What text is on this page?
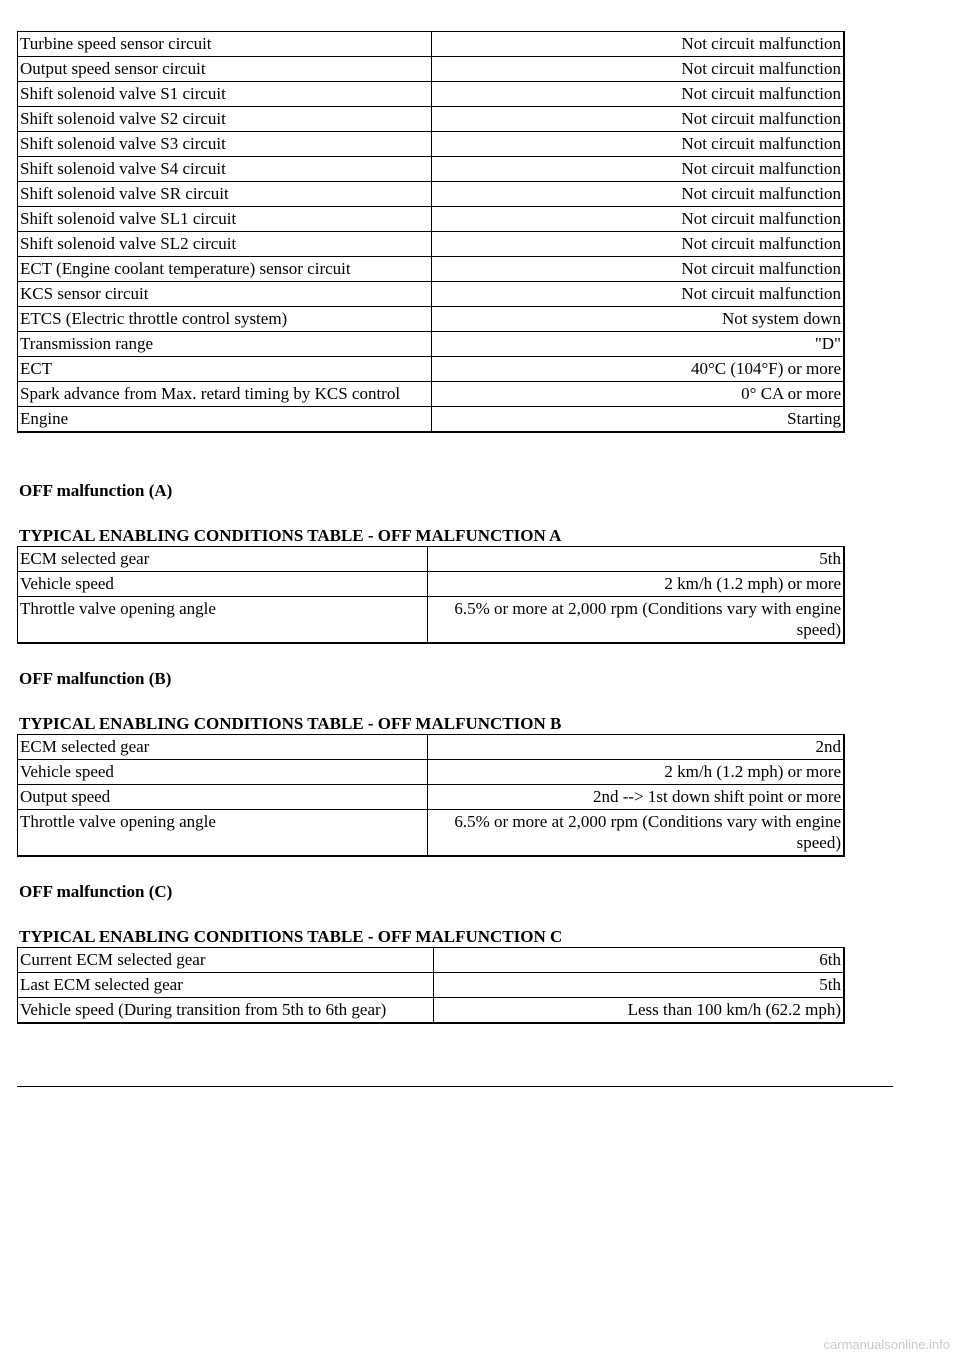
Turbine speed sensor circuit	Not circuit malfunction
Output speed sensor circuit	Not circuit malfunction
Shift solenoid valve S1 circuit	Not circuit malfunction
Shift solenoid valve S2 circuit	Not circuit malfunction
Shift solenoid valve S3 circuit	Not circuit malfunction
Shift solenoid valve S4 circuit	Not circuit malfunction
Shift solenoid valve SR circuit	Not circuit malfunction
Shift solenoid valve SL1 circuit	Not circuit malfunction
Shift solenoid valve SL2 circuit	Not circuit malfunction
ECT (Engine coolant temperature) sensor circuit	Not circuit malfunction
KCS sensor circuit	Not circuit malfunction
ETCS (Electric throttle control system)	Not system down
Transmission range	"D"
ECT	40°C (104°F) or more
Spark advance from Max. retard timing by KCS control	0° CA or more
Engine	Starting

OFF malfunction (A)

TYPICAL ENABLING CONDITIONS TABLE - OFF MALFUNCTION A

ECM selected gear	5th
Vehicle speed	2 km/h (1.2 mph) or more
Throttle valve opening angle	6.5% or more at 2,000 rpm (Conditions vary with engine speed)

OFF malfunction (B)

TYPICAL ENABLING CONDITIONS TABLE - OFF MALFUNCTION B

ECM selected gear	2nd
Vehicle speed	2 km/h (1.2 mph) or more
Output speed	2nd --> 1st down shift point or more
Throttle valve opening angle	6.5% or more at 2,000 rpm (Conditions vary with engine speed)

OFF malfunction (C)

TYPICAL ENABLING CONDITIONS TABLE - OFF MALFUNCTION C

Current ECM selected gear	6th
Last ECM selected gear	5th
Vehicle speed (During transition from 5th to 6th gear)	Less than 100 km/h (62.2 mph)
carmanualsonline.info
